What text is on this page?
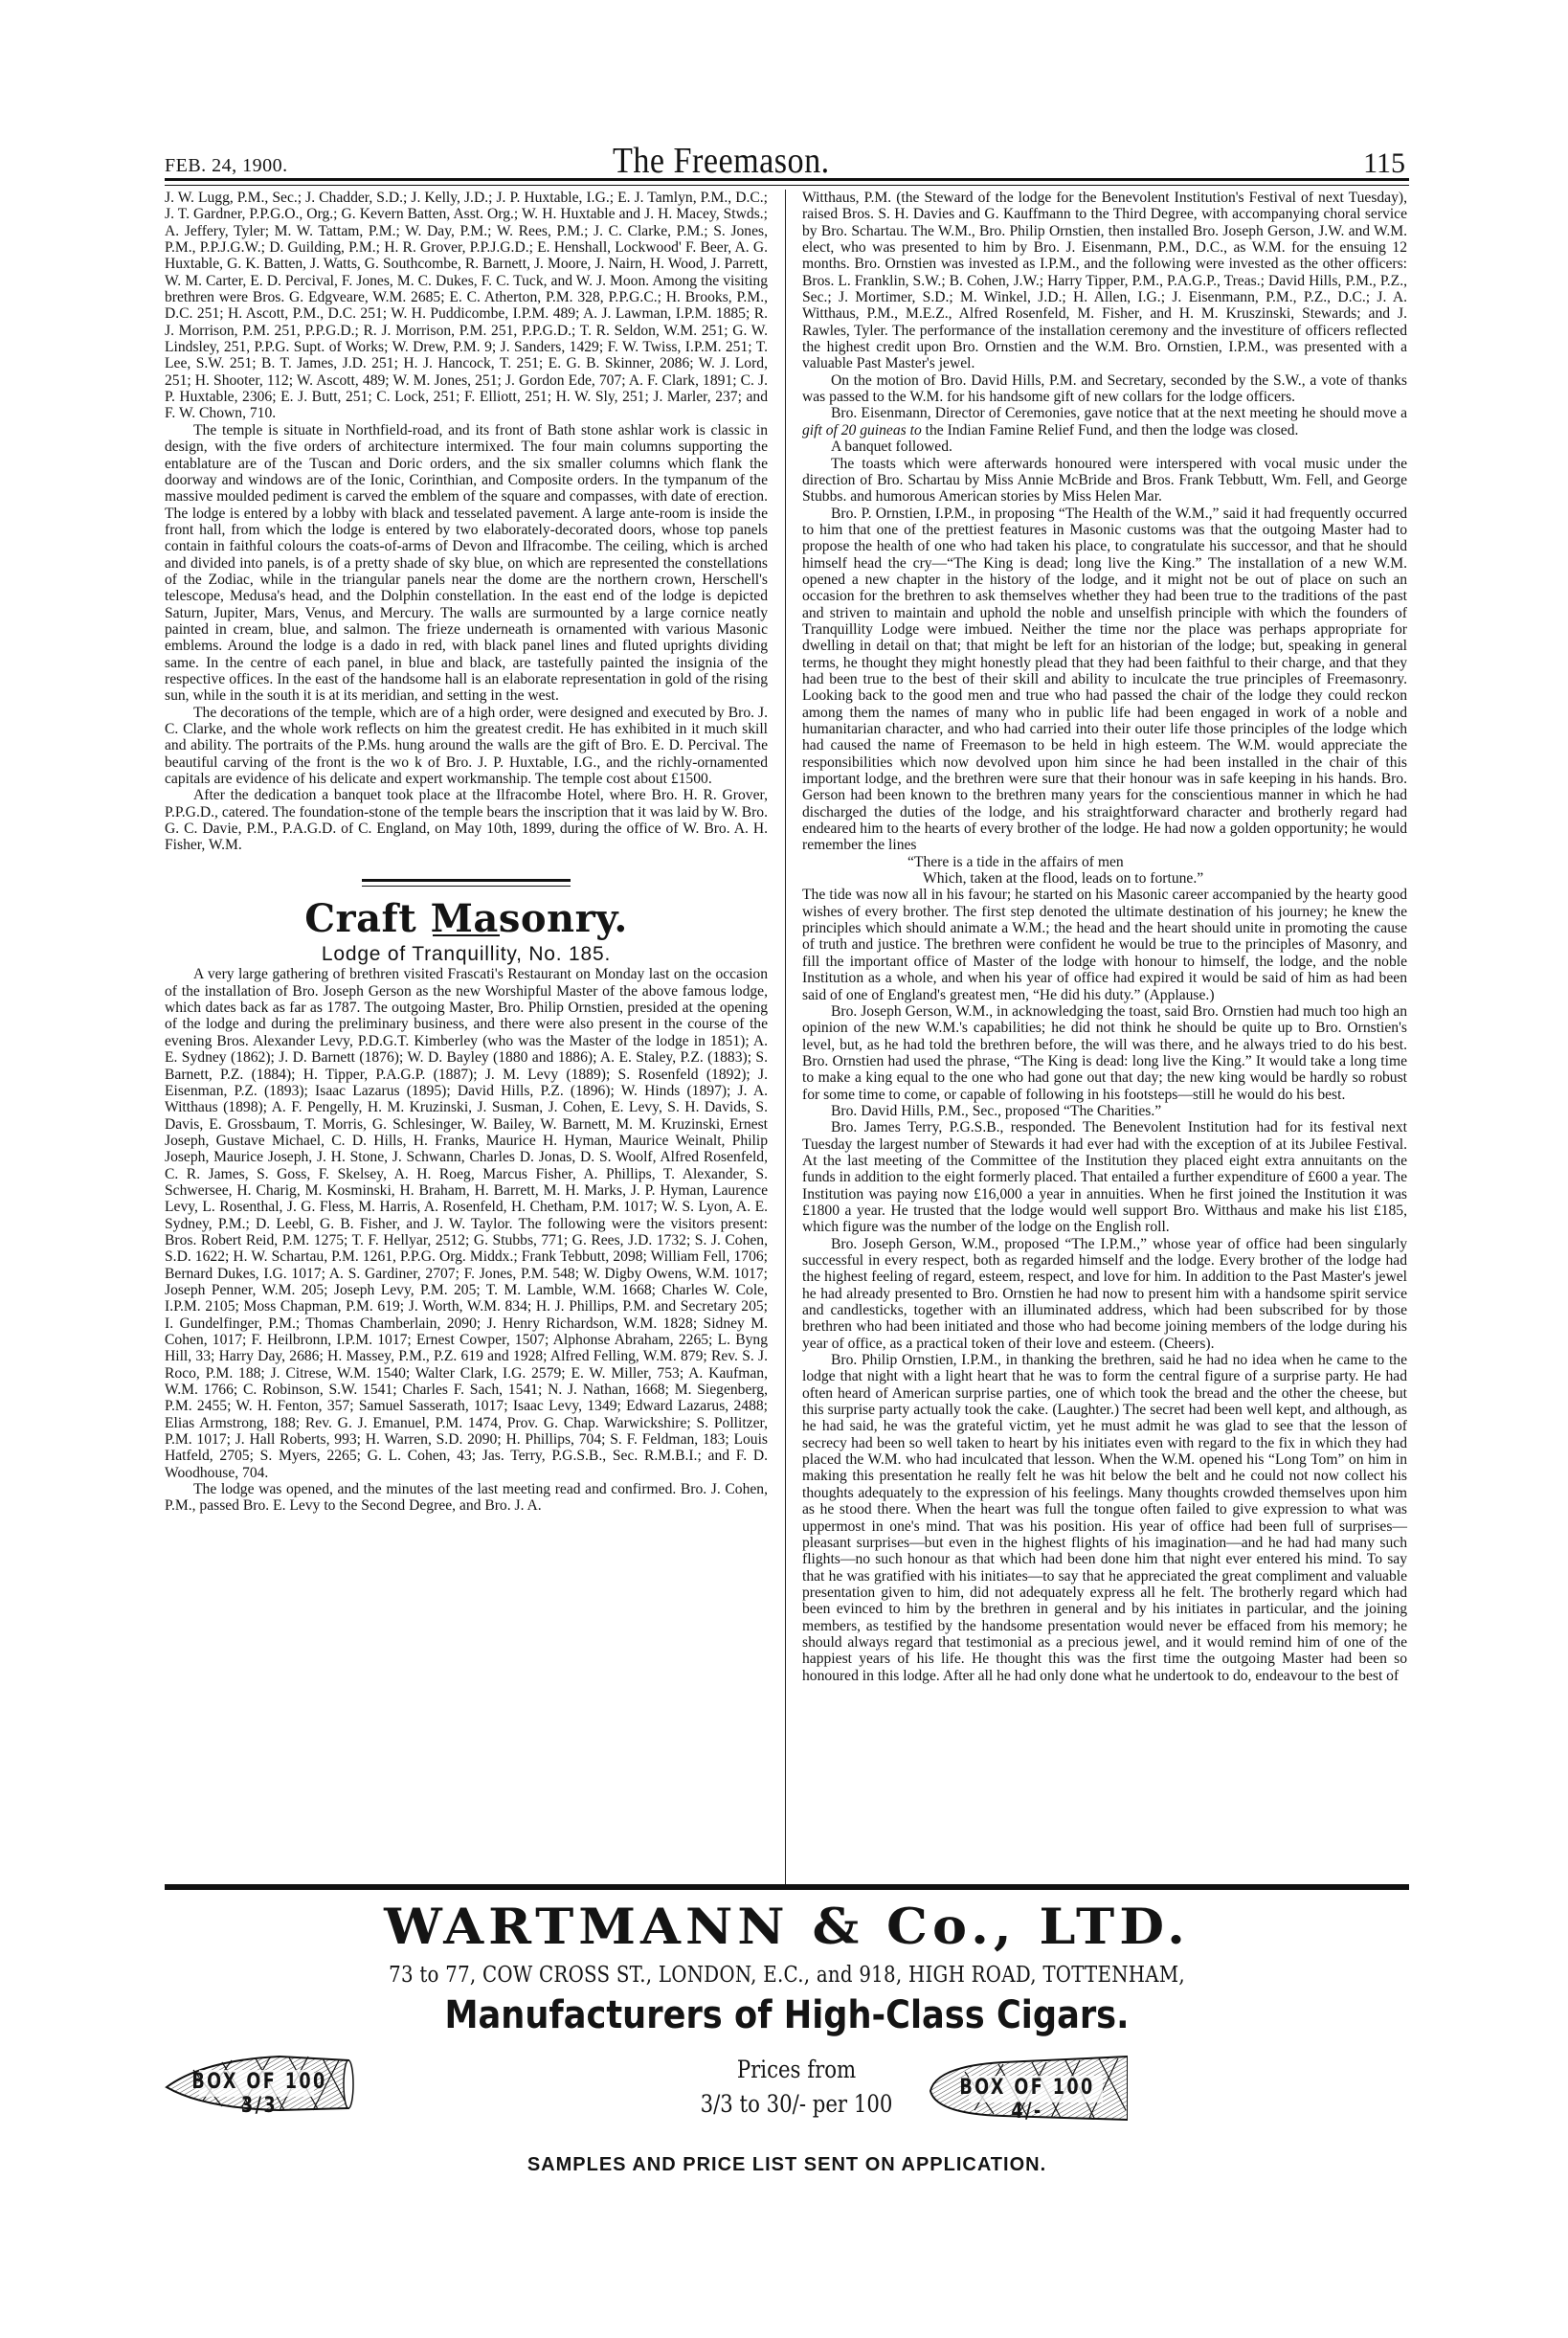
FEB. 24, 1900.	The Freemason.	115

J. W. Lugg, P.M., Sec.; J. Chadder, S.D.; J. Kelly, J.D.; J. P. Huxtable, I.G.; E. J. Tamlyn, P.M., D.C.; J. T. Gardner, P.P.G.O., Org.; G. Kevern Batten, Asst. Org.; W. H. Huxtable and J. H. Macey, Stwds.; A. Jeffery, Tyler; M. W. Tattam, P.M.; W. Day, P.M.; W. Rees, P.M.; J. C. Clarke, P.M.; S. Jones, P.M., P.P.J.G.W.; D. Guilding, P.M.; H. R. Grover, P.P.J.G.D.; E. Henshall, Lockwood' F. Beer, A. G. Huxtable, G. K. Batten, J. Watts, G. Southcombe, R. Barnett, J. Moore, J. Nairn, H. Wood, J. Parrett, W. M. Carter, E. D. Percival, F. Jones, M. C. Dukes, F. C. Tuck, and W. J. Moon. Among the visiting brethren were Bros. G. Edgveare, W.M. 2685; E. C. Atherton, P.M. 328, P.P.G.C.; H. Brooks, P.M., D.C. 251; H. Ascott, P.M., D.C. 251; W. H. Puddicombe, I.P.M. 489; A. J. Lawman, I.P.M. 1885; R. J. Morrison, P.M. 251, P.P.G.D.; R. J. Morrison, P.M. 251, P.P.G.D.; T. R. Seldon, W.M. 251; G. W. Lindsley, 251, P.P.G. Supt. of Works; W. Drew, P.M. 9; J. Sanders, 1429; F. W. Twiss, I.P.M. 251; T. Lee, S.W. 251; B. T. James, J.D. 251; H. J. Hancock, T. 251; E. G. B. Skinner, 2086; W. J. Lord, 251; H. Shooter, 112; W. Ascott, 489; W. M. Jones, 251; J. Gordon Ede, 707; A. F. Clark, 1891; C. J. P. Huxtable, 2306; E. J. Butt, 251; C. Lock, 251; F. Elliott, 251; H. W. Sly, 251; J. Marler, 237; and F. W. Chown, 710.

The temple is situate in Northfield-road, and its front of Bath stone ashlar work is classic in design, with the five orders of architecture intermixed. The four main columns supporting the entablature are of the Tuscan and Doric orders, and the six smaller columns which flank the doorway and windows are of the Ionic, Corinthian, and Composite orders. In the tympanum of the massive moulded pediment is carved the emblem of the square and compasses, with date of erection. The lodge is entered by a lobby with black and tesselated pavement. A large ante-room is inside the front hall, from which the lodge is entered by two elaborately-decorated doors, whose top panels contain in faithful colours the coats-of-arms of Devon and Ilfracombe. The ceiling, which is arched and divided into panels, is of a pretty shade of sky blue, on which are represented the constellations of the Zodiac, while in the triangular panels near the dome are the northern crown, Herschell's telescope, Medusa's head, and the Dolphin constellation. In the east end of the lodge is depicted Saturn, Jupiter, Mars, Venus, and Mercury. The walls are surmounted by a large cornice neatly painted in cream, blue, and salmon. The frieze underneath is ornamented with various Masonic emblems. Around the lodge is a dado in red, with black panel lines and fluted uprights dividing same. In the centre of each panel, in blue and black, are tastefully painted the insignia of the respective offices. In the east of the handsome hall is an elaborate representation in gold of the rising sun, while in the south it is at its meridian, and setting in the west.

The decorations of the temple, which are of a high order, were designed and executed by Bro. J. C. Clarke, and the whole work reflects on him the greatest credit. He has exhibited in it much skill and ability. The portraits of the P.Ms. hung around the walls are the gift of Bro. E. D. Percival. The beautiful carving of the front is the wo k of Bro. J. P. Huxtable, I.G., and the richly-ornamented capitals are evidence of his delicate and expert workmanship. The temple cost about £1500.

After the dedication a banquet took place at the Ilfracombe Hotel, where Bro. H. R. Grover, P.P.G.D., catered. The foundation-stone of the temple bears the inscription that it was laid by W. Bro. G. C. Davie, P.M., P.A.G.D. of C. England, on May 10th, 1899, during the office of W. Bro. A. H. Fisher, W.M.

Craft Masonry.
Lodge of Tranquillity, No. 185.

A very large gathering of brethren visited Frascati's Restaurant on Monday last on the occasion of the installation of Bro. Joseph Gerson as the new Worshipful Master of the above famous lodge, which dates back as far as 1787. The outgoing Master, Bro. Philip Ornstien, presided at the opening of the lodge and during the preliminary business, and there were also present in the course of the evening Bros. Alexander Levy, P.D.G.T. Kimberley (who was the Master of the lodge in 1851); A. E. Sydney (1862); J. D. Barnett (1876); W. D. Bayley (1880 and 1886); A. E. Staley, P.Z. (1883); S. Barnett, P.Z. (1884); H. Tipper, P.A.G.P. (1887); J. M. Levy (1889); S. Rosenfeld (1892); J. Eisenman, P.Z. (1893); Isaac Lazarus (1895); David Hills, P.Z. (1896); W. Hinds (1897); J. A. Witthaus (1898); A. F. Pengelly, H. M. Kruzinski, J. Susman, J. Cohen, E. Levy, S. H. Davids, S. Davis, E. Grossbaum, T. Morris, G. Schlesinger, W. Bailey, W. Barnett, M. M. Kruzinski, Ernest Joseph, Gustave Michael, C. D. Hills, H. Franks, Maurice H. Hyman, Maurice Weinalt, Philip Joseph, Maurice Joseph, J. H. Stone, J. Schwann, Charles D. Jonas, D. S. Woolf, Alfred Rosenfeld, C. R. James, S. Goss, F. Skelsey, A. H. Roeg, Marcus Fisher, A. Phillips, T. Alexander, S. Schwersee, H. Charig, M. Kosminski, H. Braham, H. Barrett, M. H. Marks, J. P. Hyman, Laurence Levy, L. Rosenthal, J. G. Fless, M. Harris, A. Rosenfeld, H. Chetham, P.M. 1017; W. S. Lyon, A. E. Sydney, P.M.; D. Leebl, G. B. Fisher, and J. W. Taylor. The following were the visitors present: Bros. Robert Reid, P.M. 1275; T. F. Hellyar, 2512; G. Stubbs, 771; G. Rees, J.D. 1732; S. J. Cohen, S.D. 1622; H. W. Schartau, P.M. 1261, P.P.G. Org. Middx.; Frank Tebbutt, 2098; William Fell, 1706; Bernard Dukes, I.G. 1017; A. S. Gardiner, 2707; F. Jones, P.M. 548; W. Digby Owens, W.M. 1017; Joseph Penner, W.M. 205; Joseph Levy, P.M. 205; T. M. Lamble, W.M. 1668; Charles W. Cole, I.P.M. 2105; Moss Chapman, P.M. 619; J. Worth, W.M. 834; H. J. Phillips, P.M. and Secretary 205; I. Gundelfinger, P.M.; Thomas Chamberlain, 2090; J. Henry Richardson, W.M. 1828; Sidney M. Cohen, 1017; F. Heilbronn, I.P.M. 1017; Ernest Cowper, 1507; Alphonse Abraham, 2265; L. Byng Hill, 33; Harry Day, 2686; H. Massey, P.M., P.Z. 619 and 1928; Alfred Felling, W.M. 879; Rev. S. J. Roco, P.M. 188; J. Citrese, W.M. 1540; Walter Clark, I.G. 2579; E. W. Miller, 753; A. Kaufman, W.M. 1766; C. Robinson, S.W. 1541; Charles F. Sach, 1541; N. J. Nathan, 1668; M. Siegenberg, P.M. 2455; W. H. Fenton, 357; Samuel Sasserath, 1017; Isaac Levy, 1349; Edward Lazarus, 2488; Elias Armstrong, 188; Rev. G. J. Emanuel, P.M. 1474, Prov. G. Chap. Warwickshire; S. Pollitzer, P.M. 1017; J. Hall Roberts, 993; H. Warren, S.D. 2090; H. Phillips, 704; S. F. Feldman, 183; Louis Hatfeld, 2705; S. Myers, 2265; G. L. Cohen, 43; Jas. Terry, P.G.S.B., Sec. R.M.B.I.; and F. D. Woodhouse, 704.

The lodge was opened, and the minutes of the last meeting read and confirmed. Bro. J. Cohen, P.M., passed Bro. E. Levy to the Second Degree, and Bro. J. A.

Witthaus, P.M. (the Steward of the lodge for the Benevolent Institution's Festival of next Tuesday), raised Bros. S. H. Davies and G. Kauffmann to the Third Degree, with accompanying choral service by Bro. Schartau. The W.M., Bro. Philip Ornstien, then installed Bro. Joseph Gerson, J.W. and W.M. elect, who was presented to him by Bro. J. Eisenmann, P.M., D.C., as W.M. for the ensuing 12 months. Bro. Ornstien was invested as I.P.M., and the following were invested as the other officers: Bros. L. Franklin, S.W.; B. Cohen, J.W.; Harry Tipper, P.M., P.A.G.P., Treas.; David Hills, P.M., P.Z., Sec.; J. Mortimer, S.D.; M. Winkel, J.D.; H. Allen, I.G.; J. Eisenmann, P.M., P.Z., D.C.; J. A. Witthaus, P.M., M.E.Z., Alfred Rosenfeld, M. Fisher, and H. M. Kruszinski, Stewards; and J. Rawles, Tyler. The performance of the installation ceremony and the investiture of officers reflected the highest credit upon Bro. Ornstien and the W.M. Bro. Ornstien, I.P.M., was presented with a valuable Past Master's jewel.

On the motion of Bro. David Hills, P.M. and Secretary, seconded by the S.W., a vote of thanks was passed to the W.M. for his handsome gift of new collars for the lodge officers.

Bro. Eisenmann, Director of Ceremonies, gave notice that at the next meeting he should move a gift of 20 guineas to the Indian Famine Relief Fund, and then the lodge was closed.

A banquet followed.

The toasts which were afterwards honoured were interspered with vocal music under the direction of Bro. Schartau by Miss Annie McBride and Bros. Frank Tebbutt, Wm. Fell, and George Stubbs. and humorous American stories by Miss Helen Mar.

Bro. P. Ornstien, I.P.M., in proposing “The Health of the W.M.,” said it had frequently occurred to him that one of the prettiest features in Masonic customs was that the outgoing Master had to propose the health of one who had taken his place, to congratulate his successor, and that he should himself head the cry—“The King is dead; long live the King.” The installation of a new W.M. opened a new chapter in the history of the lodge, and it might not be out of place on such an occasion for the brethren to ask themselves whether they had been true to the traditions of the past and striven to maintain and uphold the noble and unselfish principle with which the founders of Tranquillity Lodge were imbued. Neither the time nor the place was perhaps appropriate for dwelling in detail on that; that might be left for an historian of the lodge; but, speaking in general terms, he thought they might honestly plead that they had been faithful to their charge, and that they had been true to the best of their skill and ability to inculcate the true principles of Freemasonry. Looking back to the good men and true who had passed the chair of the lodge they could reckon among them the names of many who in public life had been engaged in work of a noble and humanitarian character, and who had carried into their outer life those principles of the lodge which had caused the name of Freemason to be held in high esteem. The W.M. would appreciate the responsibilities which now devolved upon him since he had been installed in the chair of this important lodge, and the brethren were sure that their honour was in safe keeping in his hands. Bro. Gerson had been known to the brethren many years for the conscientious manner in which he had discharged the duties of the lodge, and his straightforward character and brotherly regard had endeared him to the hearts of every brother of the lodge. He had now a golden opportunity; he would remember the lines

“There is a tide in the affairs of men

Which, taken at the flood, leads on to fortune.”

The tide was now all in his favour; he started on his Masonic career accompanied by the hearty good wishes of every brother. The first step denoted the ultimate destination of his journey; he knew the principles which should animate a W.M.; the head and the heart should unite in promoting the cause of truth and justice. The brethren were confident he would be true to the principles of Masonry, and fill the important office of Master of the lodge with honour to himself, the lodge, and the noble Institution as a whole, and when his year of office had expired it would be said of him as had been said of one of England's greatest men, “He did his duty.” (Applause.)

Bro. Joseph Gerson, W.M., in acknowledging the toast, said Bro. Ornstien had much too high an opinion of the new W.M.'s capabilities; he did not think he should be quite up to Bro. Ornstien's level, but, as he had told the brethren before, the will was there, and he always tried to do his best. Bro. Ornstien had used the phrase, “The King is dead: long live the King.” It would take a long time to make a king equal to the one who had gone out that day; the new king would be hardly so robust for some time to come, or capable of following in his footsteps—still he would do his best.

Bro. David Hills, P.M., Sec., proposed “The Charities.”

Bro. James Terry, P.G.S.B., responded. The Benevolent Institution had for its festival next Tuesday the largest number of Stewards it had ever had with the exception of at its Jubilee Festival. At the last meeting of the Committee of the Institution they placed eight extra annuitants on the funds in addition to the eight formerly placed. That entailed a further expenditure of £600 a year. The Institution was paying now £16,000 a year in annuities. When he first joined the Institution it was £1800 a year. He trusted that the lodge would well support Bro. Witthaus and make his list £185, which figure was the number of the lodge on the English roll.

Bro. Joseph Gerson, W.M., proposed “The I.P.M.,” whose year of office had been singularly successful in every respect, both as regarded himself and the lodge. Every brother of the lodge had the highest feeling of regard, esteem, respect, and love for him. In addition to the Past Master's jewel he had already presented to Bro. Ornstien he had now to present him with a handsome spirit service and candlesticks, together with an illuminated address, which had been subscribed for by those brethren who had been initiated and those who had become joining members of the lodge during his year of office, as a practical token of their love and esteem. (Cheers).

Bro. Philip Ornstien, I.P.M., in thanking the brethren, said he had no idea when he came to the lodge that night with a light heart that he was to form the central figure of a surprise party. He had often heard of American surprise parties, one of which took the bread and the other the cheese, but this surprise party actually took the cake. (Laughter.) The secret had been well kept, and although, as he had said, he was the grateful victim, yet he must admit he was glad to see that the lesson of secrecy had been so well taken to heart by his initiates even with regard to the fix in which they had placed the W.M. who had inculcated that lesson. When the W.M. opened his “Long Tom” on him in making this presentation he really felt he was hit below the belt and he could not now collect his thoughts adequately to the expression of his feelings. Many thoughts crowded themselves upon him as he stood there. When the heart was full the tongue often failed to give expression to what was uppermost in one's mind. That was his position. His year of office had been full of surprises—pleasant surprises—but even in the highest flights of his imagination—and he had had many such flights—no such honour as that which had been done him that night ever entered his mind. To say that he was gratified with his initiates—to say that he appreciated the great compliment and valuable presentation given to him, did not adequately express all he felt. The brotherly regard which had been evinced to him by the brethren in general and by his initiates in particular, and the joining members, as testified by the handsome presentation would never be effaced from his memory; he should always regard that testimonial as a precious jewel, and it would remind him of one of the happiest years of his life. He thought this was the first time the outgoing Master had been so honoured in this lodge. After all he had only done what he undertook to do, endeavour to the best of

WARTMANN & Co., LTD.
73 to 77, COW CROSS ST., LONDON, E.C., and 918, HIGH ROAD, TOTTENHAM,
Manufacturers of High-Class Cigars.
BOX OF 100 3/3
Prices from
3/3 to 30/- per 100
BOX OF 100 4/-
SAMPLES AND PRICE LIST SENT ON APPLICATION.
